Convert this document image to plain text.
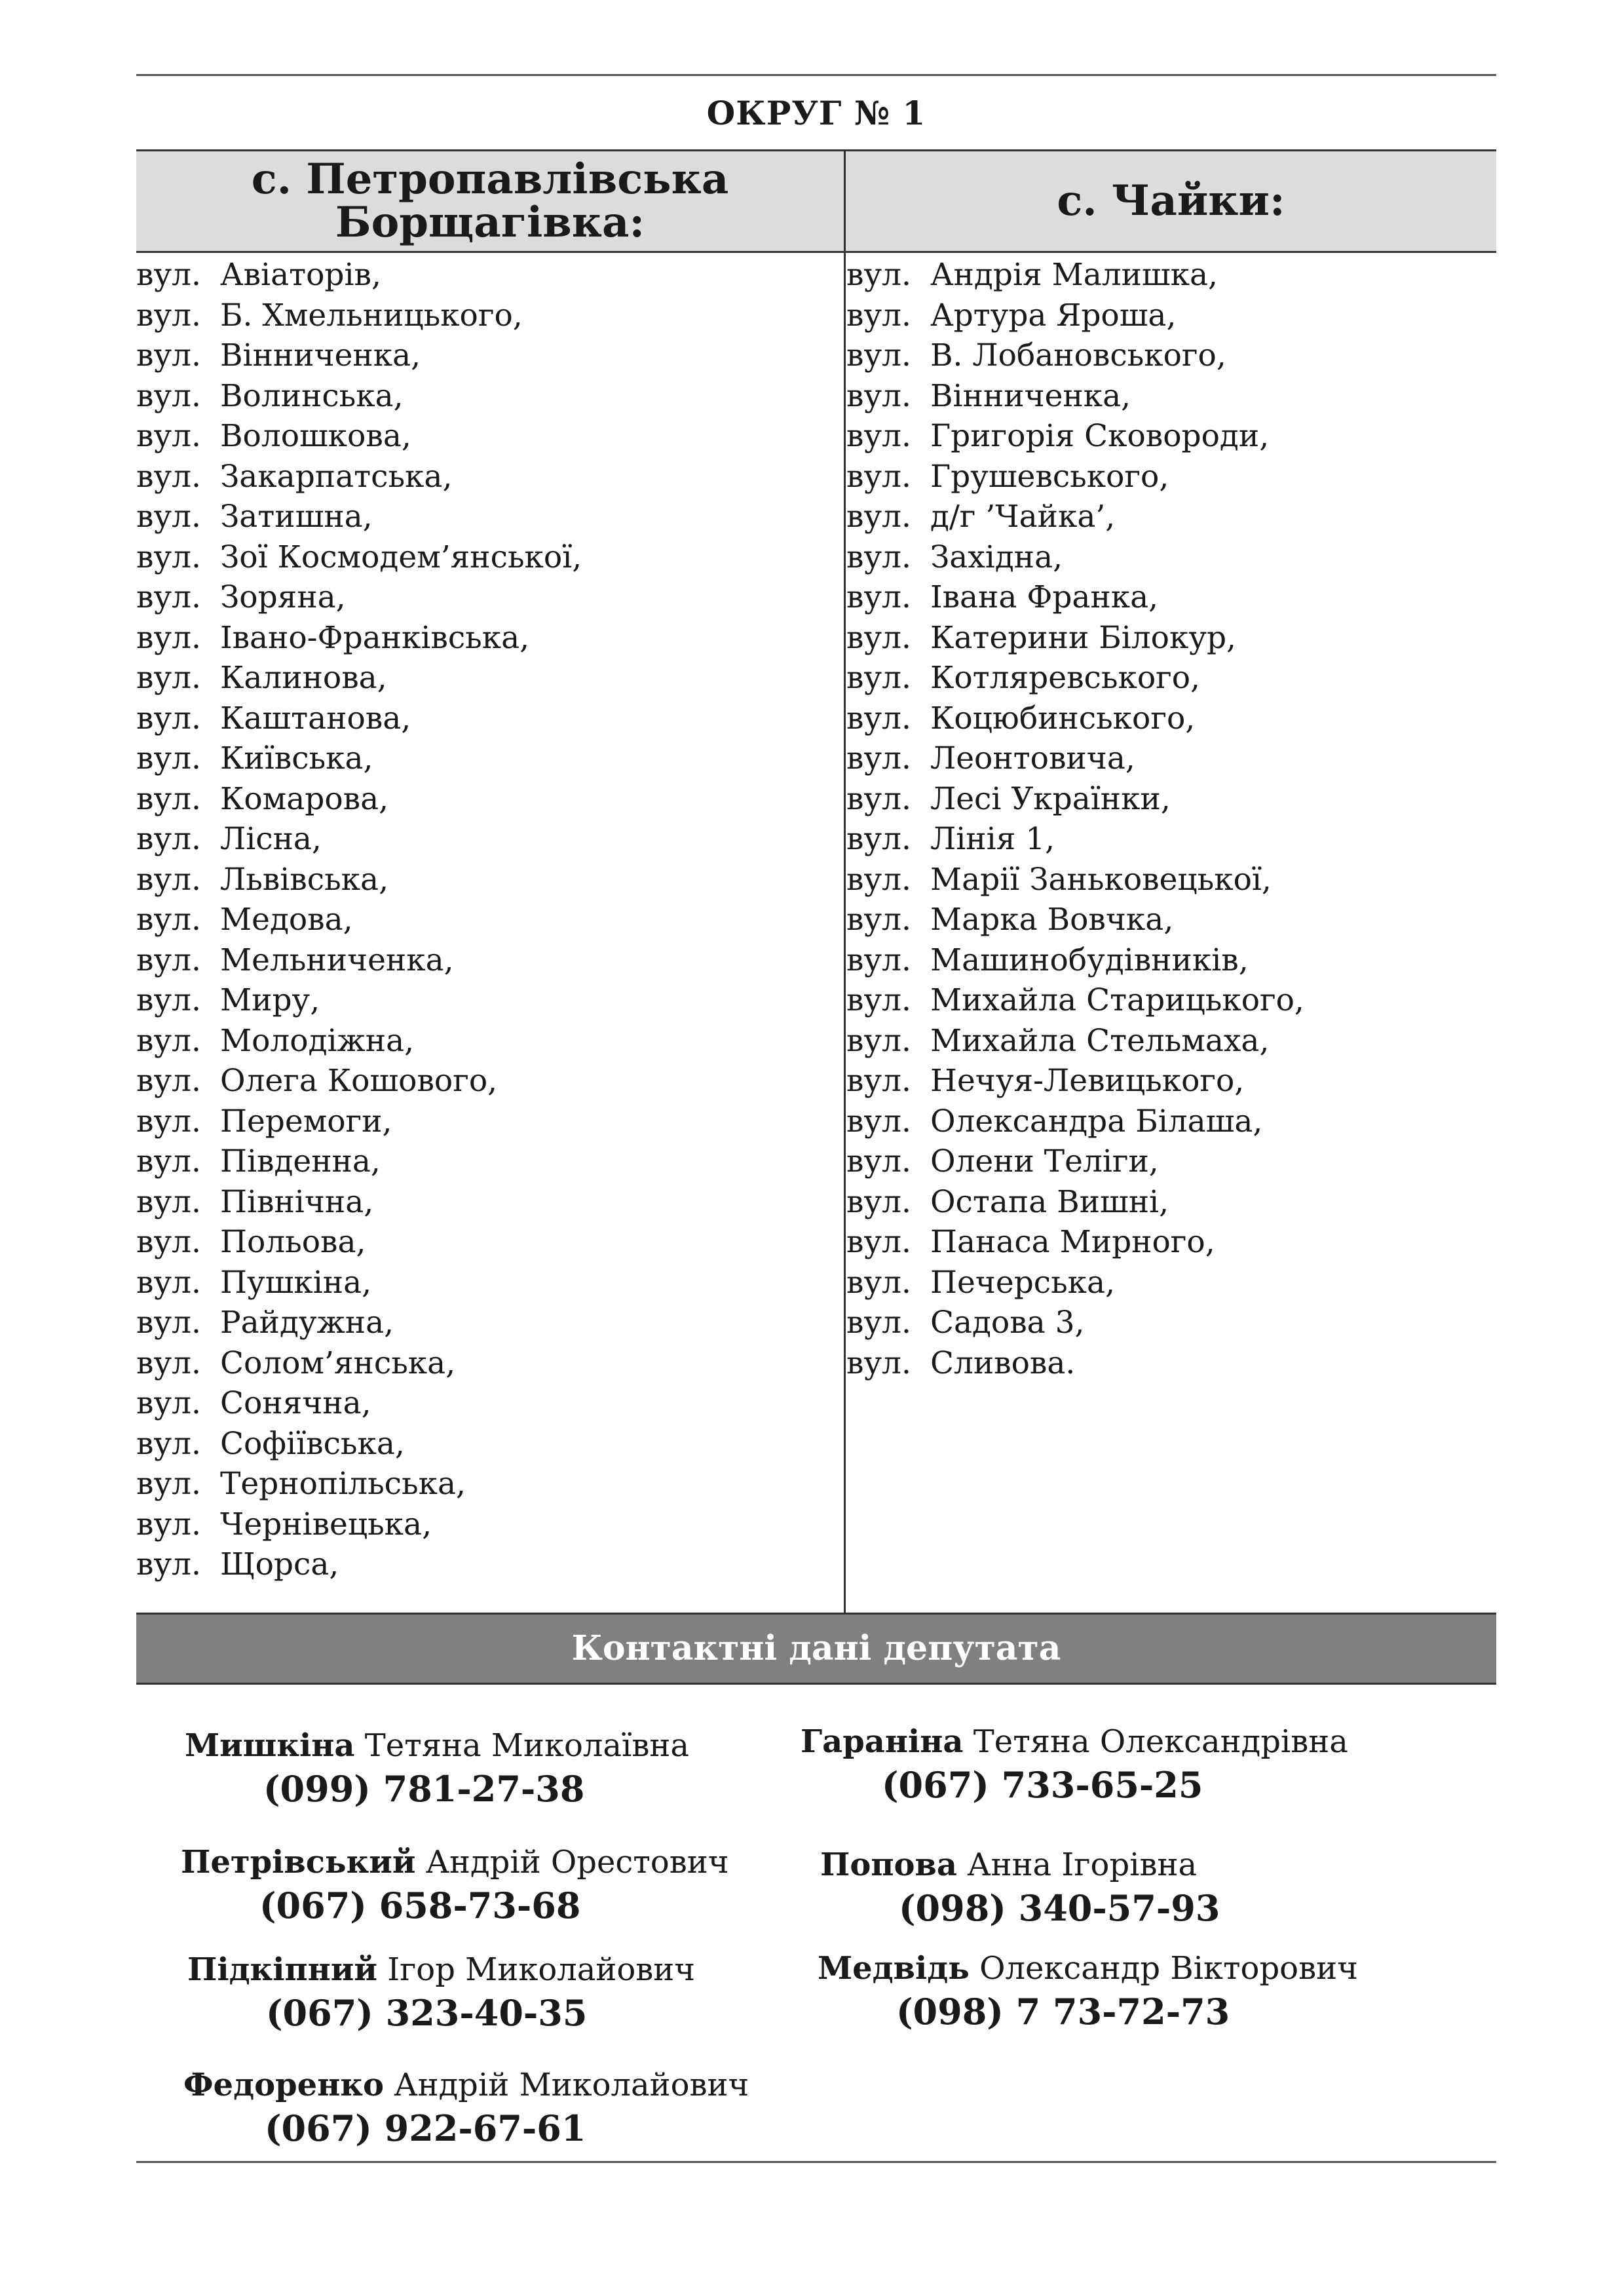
ОКРУГ № 1
с. Петропавлівська
Борщагівка:	с. Чайки:
вул. Авіаторів,
вул. Б. Хмельницького,
вул. Вінниченка,
вул. Волинська,
вул. Волошкова,
вул. Закарпатська,
вул. Затишна,
вул. Зої Космодем’янської,
вул. Зоряна,
вул. Івано-Франківська,
вул. Калинова,
вул. Каштанова,
вул. Київська,
вул. Комарова,
вул. Лісна,
вул. Львівська,
вул. Медова,
вул. Мельниченка,
вул. Миру,
вул. Молодіжна,
вул. Олега Кошового,
вул. Перемоги,
вул. Південна,
вул. Північна,
вул. Польова,
вул. Пушкіна,
вул. Райдужна,
вул. Солом’янська,
вул. Сонячна,
вул. Софіївська,
вул. Тернопільська,
вул. Чернівецька,
вул. Щорса,
вул. Андрія Малишка,
вул. Артура Яроша,
вул. В. Лобановського,
вул. Вінниченка,
вул. Григорія Сковороди,
вул. Грушевського,
вул. д/г ’Чайка’,
вул. Західна,
вул. Івана Франка,
вул. Катерини Білокур,
вул. Котляревського,
вул. Коцюбинського,
вул. Леонтовича,
вул. Лесі Українки,
вул. Лінія 1,
вул. Марії Заньковецької,
вул. Марка Вовчка,
вул. Машинобудівників,
вул. Михайла Старицького,
вул. Михайла Стельмаха,
вул. Нечуя-Левицького,
вул. Олександра Білаша,
вул. Олени Теліги,
вул. Остапа Вишні,
вул. Панаса Мирного,
вул. Печерська,
вул. Садова 3,
вул. Сливова.
Контактні дані депутата
Мишкіна Тетяна Миколаївна
(099) 781-27-38
Гараніна Тетяна Олександрівна
(067) 733-65-25
Петрівський Андрій Орестович
(067) 658-73-68
Попова Анна Ігорівна
(098) 340-57-93
Підкіпний Ігор Миколайович
(067) 323-40-35
Медвідь Олександр Вікторович
(098) 7 73-72-73
Федоренко Андрій Миколайович
(067) 922-67-61
